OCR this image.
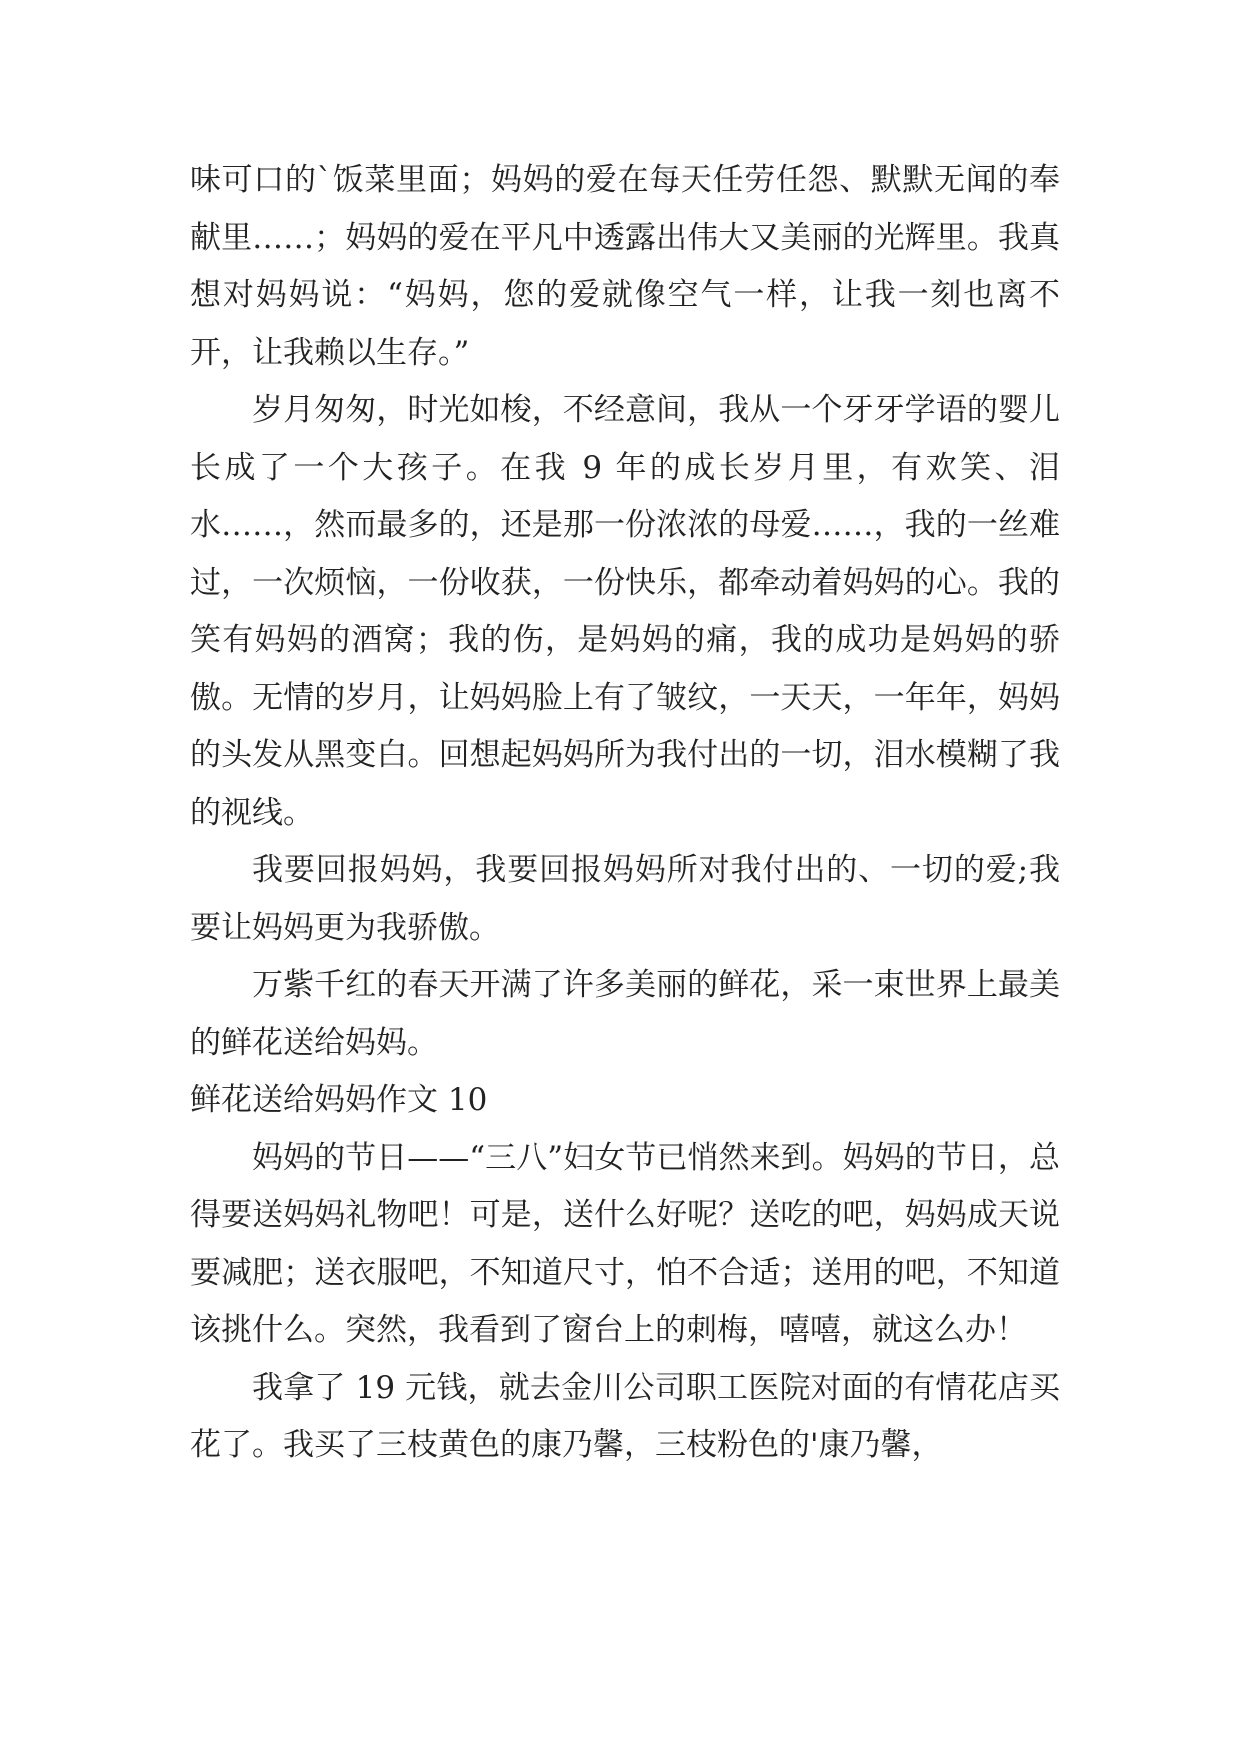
味可口的`饭菜里面；妈妈的爱在每天任劳任怨、默默无闻的奉献里……；妈妈的爱在平凡中透露出伟大又美丽的光辉里。我真想对妈妈说：“妈妈，您的爱就像空气一样，让我一刻也离不开，让我赖以生存。”

岁月匆匆，时光如梭，不经意间，我从一个牙牙学语的婴儿长成了一个大孩子。在我 9 年的成长岁月里，有欢笑、泪水……，然而最多的，还是那一份浓浓的母爱……，我的一丝难过，一次烦恼，一份收获，一份快乐，都牵动着妈妈的心。我的笑有妈妈的酒窝；我的伤，是妈妈的痛，我的成功是妈妈的骄傲。无情的岁月，让妈妈脸上有了皱纹，一天天，一年年，妈妈的头发从黑变白。回想起妈妈所为我付出的一切，泪水模糊了我的视线。

我要回报妈妈，我要回报妈妈所对我付出的、一切的爱;我要让妈妈更为我骄傲。

万紫千红的春天开满了许多美丽的鲜花，采一束世界上最美的鲜花送给妈妈。

鲜花送给妈妈作文 10

妈妈的节日——“三八”妇女节已悄然来到。妈妈的节日，总得要送妈妈礼物吧！可是，送什么好呢？送吃的吧，妈妈成天说要减肥；送衣服吧，不知道尺寸，怕不合适；送用的吧，不知道该挑什么。突然，我看到了窗台上的刺梅，嘻嘻，就这么办！

我拿了 19 元钱，就去金川公司职工医院对面的有情花店买花了。我买了三枝黄色的康乃馨，三枝粉色的'康乃馨，
